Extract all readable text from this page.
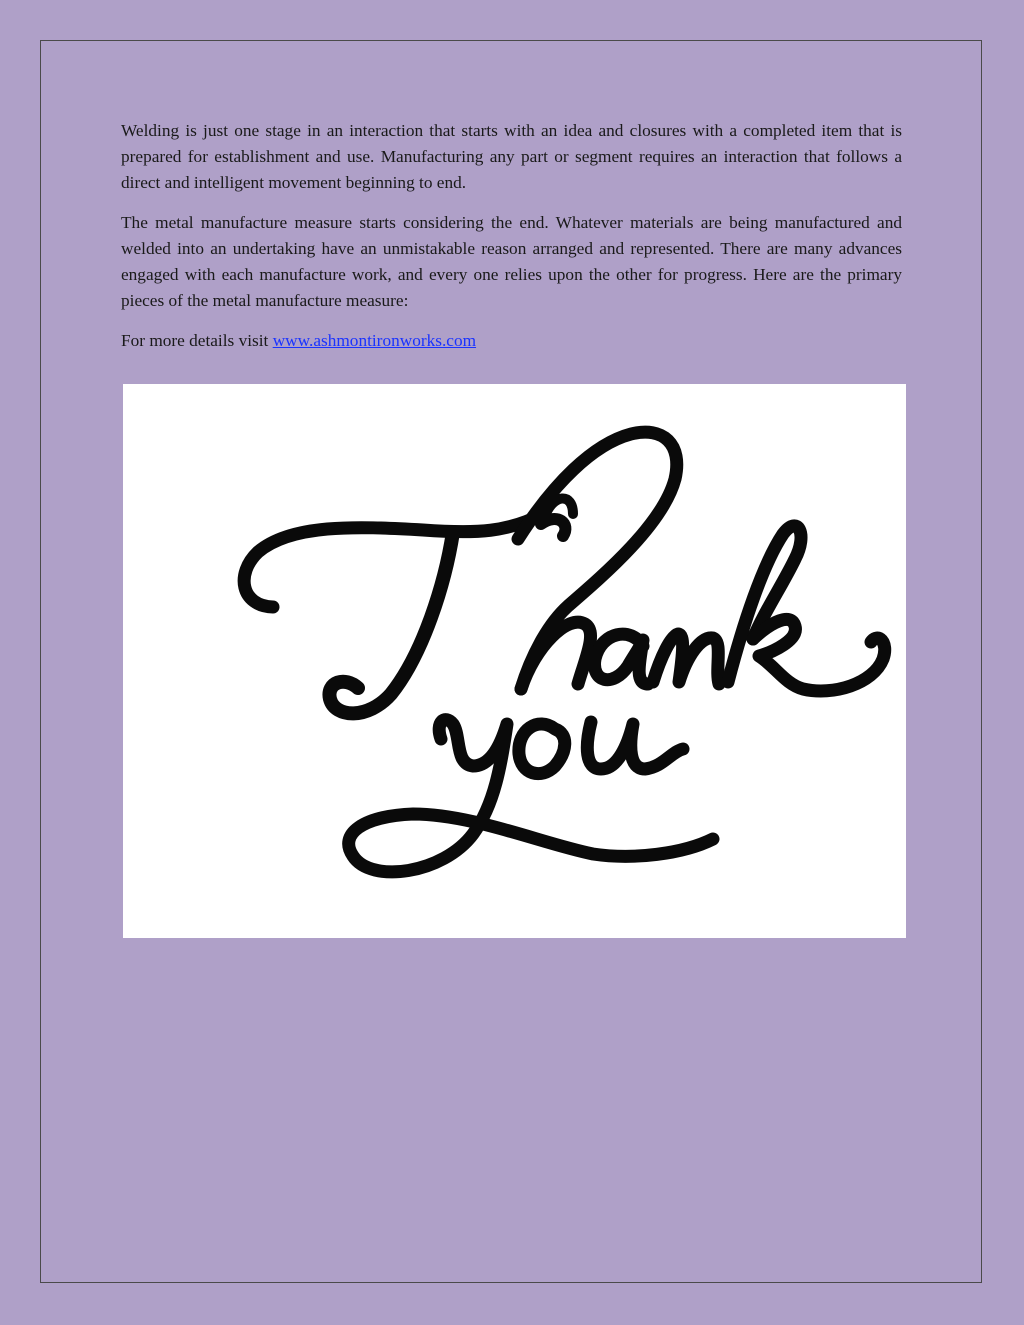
Welding is just one stage in an interaction that starts with an idea and closures with a completed item that is prepared for establishment and use. Manufacturing any part or segment requires an interaction that follows a direct and intelligent movement beginning to end.

The metal manufacture measure starts considering the end. Whatever materials are being manufactured and welded into an undertaking have an unmistakable reason arranged and represented. There are many advances engaged with each manufacture work, and every one relies upon the other for progress. Here are the primary pieces of the metal manufacture measure:

For more details visit www.ashmontironworks.com
